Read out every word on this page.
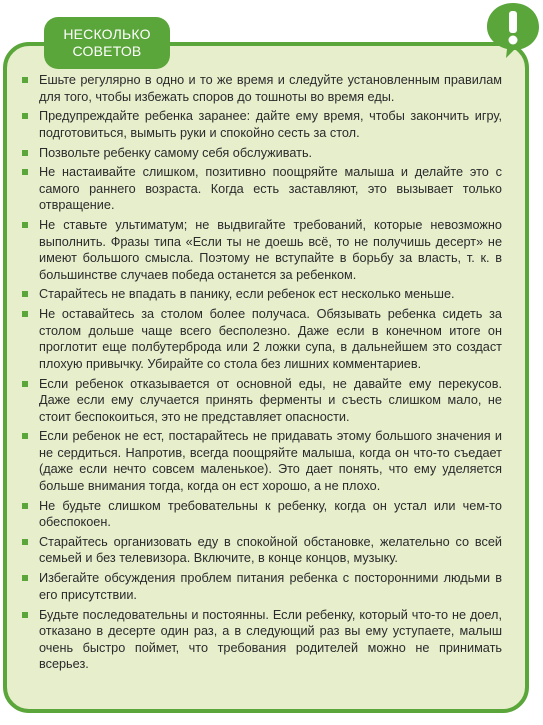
НЕСКОЛЬКО
СОВЕТОВ
Ешьте регулярно в одно и то же время и следуйте установленным правилам для того, чтобы избежать споров до тошноты во время еды.
Предупреждайте ребенка заранее: дайте ему время, чтобы закончить игру, подготовиться, вымыть руки и спокойно сесть за стол.
Позвольте ребенку самому себя обслуживать.
Не настаивайте слишком, позитивно поощряйте малыша и делайте это с самого раннего возраста. Когда есть заставляют, это вызывает только отвращение.
Не ставьте ультиматум; не выдвигайте требований, которые невозможно выполнить. Фразы типа «Если ты не доешь всё, то не получишь десерт» не имеют большого смысла. Поэтому не вступайте в борьбу за власть, т. к. в большинстве случаев победа останется за ребенком.
Старайтесь не впадать в панику, если ребенок ест несколько меньше.
Не оставайтесь за столом более получаса. Обязывать ребенка сидеть за столом дольше чаще всего бесполезно. Даже если в конечном итоге он проглотит еще полбутерброда или 2 ложки супа, в дальнейшем это создаст плохую привычку. Убирайте со стола без лишних комментариев.
Если ребенок отказывается от основной еды, не давайте ему перекусов. Даже если ему случается принять ферменты и съесть слишком мало, не стоит беспокоиться, это не представляет опасности.
Если ребенок не ест, постарайтесь не придавать этому большого значения и не сердиться. Напротив, всегда поощряйте малыша, когда он что-то съедает (даже если нечто совсем маленькое). Это дает понять, что ему уделяется больше внимания тогда, когда он ест хорошо, а не плохо.
Не будьте слишком требовательны к ребенку, когда он устал или чем-то обеспокоен.
Старайтесь организовать еду в спокойной обстановке, желательно со всей семьей и без телевизора. Включите, в конце концов, музыку.
Избегайте обсуждения проблем питания ребенка с посторонними людьми в его присутствии.
Будьте последовательны и постоянны. Если ребенку, который что-то не доел, отказано в десерте один раз, а в следующий раз вы ему уступаете, малыш очень быстро поймет, что требования родителей можно не принимать всерьез.
